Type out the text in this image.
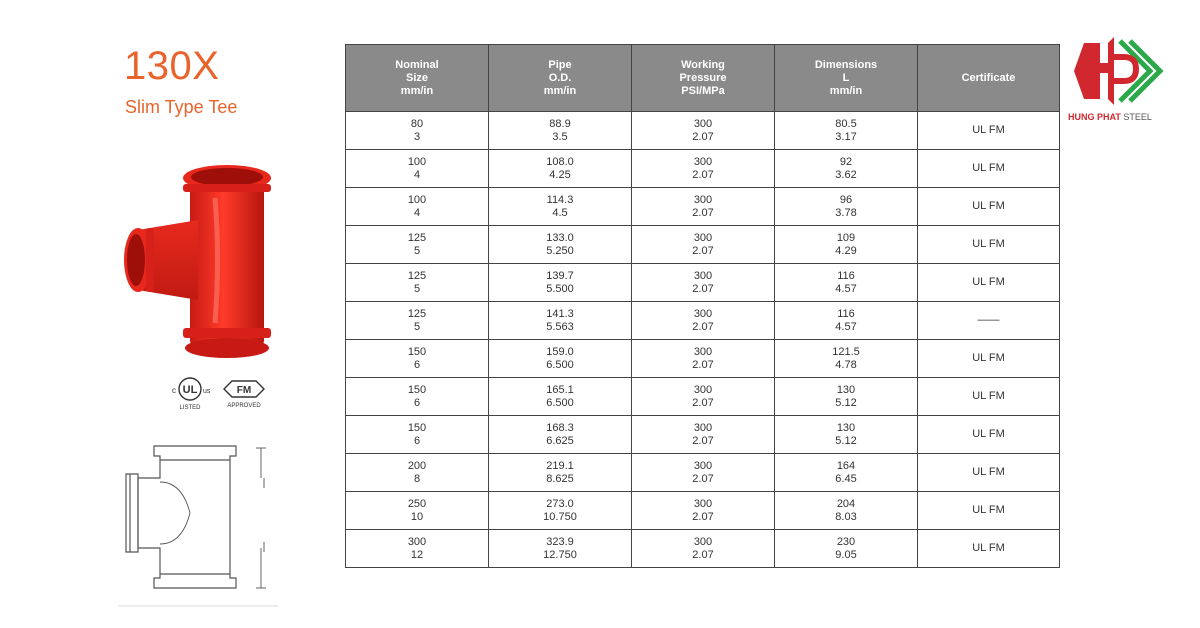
130X
Slim Type Tee
UL
c	us
LISTED
FM
APPROVED
HUNG PHAT STEEL
Nominal
Size
mm/in	Pipe
O.D.
mm/in	Working
Pressure
PSI/MPa	Dimensions
L
mm/in	Certificate

80
3	88.9
3.5	300
2.07	80.5
3.17	UL FM

100
4	108.0
4.25	300
2.07	92
3.62	UL FM

100
4	114.3
4.5	300
2.07	96
3.78	UL FM

125
5	133.0
5.250	300
2.07	109
4.29	UL FM

125
5	139.7
5.500	300
2.07	116
4.57	UL FM

125
5	141.3
5.563	300
2.07	116
4.57	——

150
6	159.0
6.500	300
2.07	121.5
4.78	UL FM

150
6	165.1
6.500	300
2.07	130
5.12	UL FM

150
6	168.3
6.625	300
2.07	130
5.12	UL FM

200
8	219.1
8.625	300
2.07	164
6.45	UL FM

250
10	273.0
10.750	300
2.07	204
8.03	UL FM

300
12	323.9
12.750	300
2.07	230
9.05	UL FM
